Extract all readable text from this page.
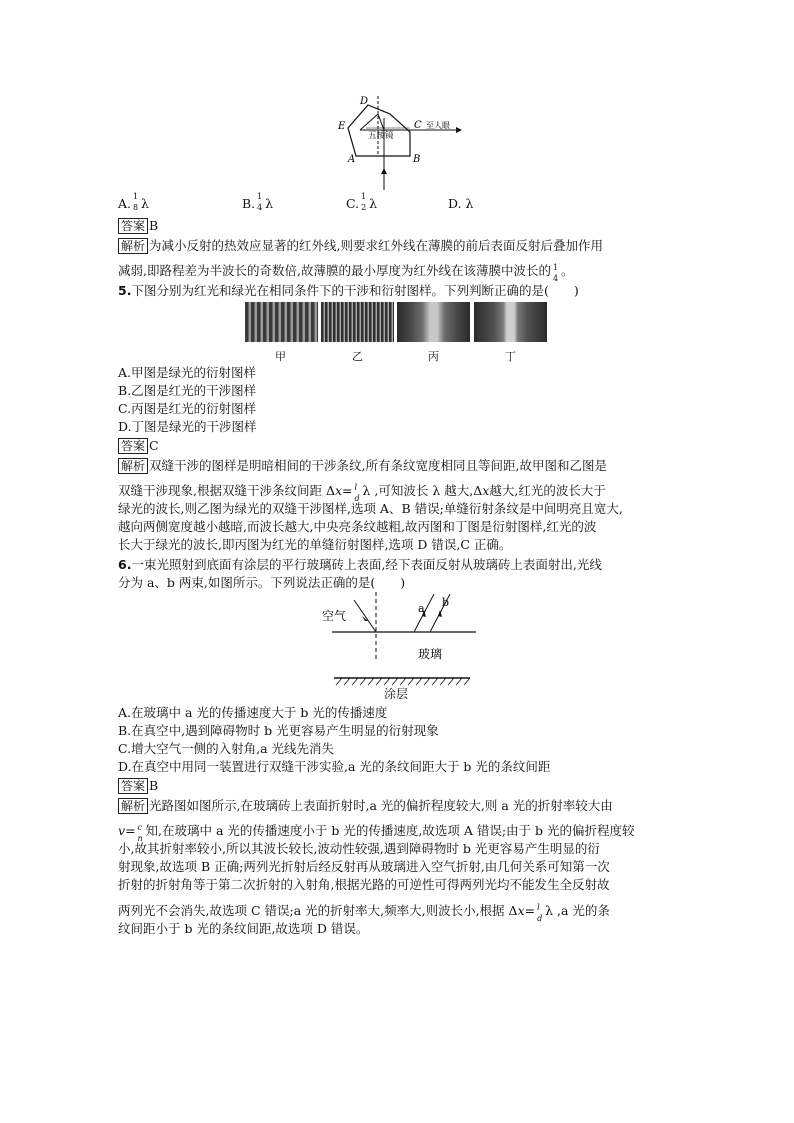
D
E	C
A	B
五棱镜
至人眼
A. 1
8 λ	B. 1
4 λ	C. 1
2 λ	D. λ
答案 B
解析 为减小反射的热效应显著的红外线,则要求红外线在薄膜的前后表面反射后叠加作用
减弱,即路程差为半波长的奇数倍,故薄膜的最小厚度为红外线在该薄膜中波长的 1
4 。
5.下图分别为红光和绿光在相同条件下的干涉和衍射图样。下列判断正确的是(　　)
甲	乙	丙	丁
A.甲图是绿光的衍射图样
B.乙图是红光的干涉图样
C.丙图是红光的衍射图样
D.丁图是绿光的干涉图样
答案 C
解析 双缝干涉的图样是明暗相间的干涉条纹,所有条纹宽度相同且等间距,故甲图和乙图是
双缝干涉现象,根据双缝干涉条纹间距 Δx= l
d λ ,可知波长 λ 越大,Δx越大,红光的波长大于
绿光的波长,则乙图为绿光的双缝干涉图样,选项 A、B 错误;单缝衍射条纹是中间明亮且宽大,
越向两侧宽度越小越暗,而波长越大,中央亮条纹越粗,故丙图和丁图是衍射图样,红光的波
长大于绿光的波长,即丙图为红光的单缝衍射图样,选项 D 错误,C 正确。
6.一束光照射到底面有涂层的平行玻璃砖上表面,经下表面反射从玻璃砖上表面射出,光线
分为 a、b 两束,如图所示。下列说法正确的是(　　)
空气
玻璃
a b
涂层
A.在玻璃中 a 光的传播速度大于 b 光的传播速度
B.在真空中,遇到障碍物时 b 光更容易产生明显的衍射现象
C.增大空气一侧的入射角,a 光线先消失
D.在真空中用同一装置进行双缝干涉实验,a 光的条纹间距大于 b 光的条纹间距
答案 B
解析 光路图如图所示,在玻璃砖上表面折射时,a 光的偏折程度较大,则 a 光的折射率较大由
v= c
n 知,在玻璃中 a 光的传播速度小于 b 光的传播速度,故选项 A 错误;由于 b 光的偏折程度较
小,故其折射率较小,所以其波长较长,波动性较强,遇到障碍物时 b 光更容易产生明显的衍
射现象,故选项 B 正确;两列光折射后经反射再从玻璃进入空气折射,由几何关系可知第一次
折射的折射角等于第二次折射的入射角,根据光路的可逆性可得两列光均不能发生全反射故
两列光不会消失,故选项 C 错误;a 光的折射率大,频率大,则波长小,根据 Δx= l
d λ ,a 光的条
纹间距小于 b 光的条纹间距,故选项 D 错误。
